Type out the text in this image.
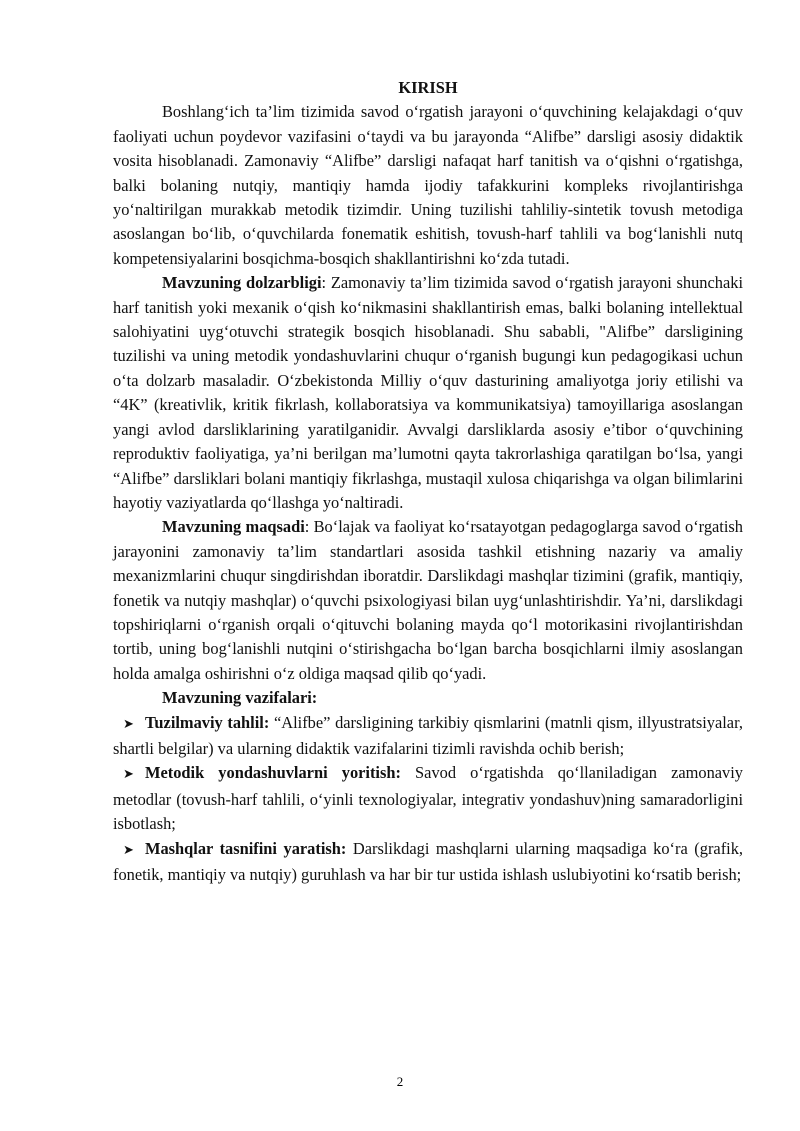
KIRISH

Boshlang‘ich ta’lim tizimida savod o‘rgatish jarayoni o‘quvchining kelajakdagi o‘quv faoliyati uchun poydevor vazifasini o‘taydi va bu jarayonda “Alifbe” darsligi asosiy didaktik vosita hisoblanadi. Zamonaviy “Alifbe” darsligi nafaqat harf tanitish va o‘qishni o‘rgatishga, balki bolaning nutqiy, mantiqiy hamda ijodiy tafakkurini kompleks rivojlantirishga yo‘naltirilgan murakkab metodik tizimdir. Uning tuzilishi tahliliy-sintetik tovush metodiga asoslangan bo‘lib, o‘quvchilarda fonematik eshitish, tovush-harf tahlili va bog‘lanishli nutq kompetensiyalarini bosqichma-bosqich shakllantirishni ko‘zda tutadi.

Mavzuning dolzarbligi: Zamonaviy ta’lim tizimida savod o‘rgatish jarayoni shunchaki harf tanitish yoki mexanik o‘qish ko‘nikmasini shakllantirish emas, balki bolaning intellektual salohiyatini uyg‘otuvchi strategik bosqich hisoblanadi. Shu sababli, "Alifbe” darsligining tuzilishi va uning metodik yondashuvlarini chuqur o‘rganish bugungi kun pedagogikasi uchun o‘ta dolzarb masaladir. O‘zbekistonda Milliy o‘quv dasturining amaliyotga joriy etilishi va “4K” (kreativlik, kritik fikrlash, kollaboratsiya va kommunikatsiya) tamoyillariga asoslangan yangi avlod darsliklarining yaratilganidir. Avvalgi darsliklarda asosiy e’tibor o‘quvchining reproduktiv faoliyatiga, ya’ni berilgan ma’lumotni qayta takrorlashiga qaratilgan bo‘lsa, yangi “Alifbe” darsliklari bolani mantiqiy fikrlashga, mustaqil xulosa chiqarishga va olgan bilimlarini hayotiy vaziyatlarda qo‘llashga yo‘naltiradi.

Mavzuning maqsadi: Bo‘lajak va faoliyat ko‘rsatayotgan pedagoglarga savod o‘rgatish jarayonini zamonaviy ta’lim standartlari asosida tashkil etishning nazariy va amaliy mexanizmlarini chuqur singdirishdan iboratdir. Darslikdagi mashqlar tizimini (grafik, mantiqiy, fonetik va nutqiy mashqlar) o‘quvchi psixologiyasi bilan uyg‘unlashtirishdir. Ya’ni, darslikdagi topshiriqlarni o‘rganish orqali o‘qituvchi bolaning mayda qo‘l motorikasini rivojlantirishdan tortib, uning bog‘lanishli nutqini o‘stirishgacha bo‘lgan barcha bosqichlarni ilmiy asoslangan holda amalga oshirishni o‘z oldiga maqsad qilib qo‘yadi.

Mavzuning vazifalari:

➤ Tuzilmaviy tahlil: “Alifbe” darsligining tarkibiy qismlarini (matnli qism, illyustratsiyalar, shartli belgilar) va ularning didaktik vazifalarini tizimli ravishda ochib berish;

➤ Metodik yondashuvlarni yoritish: Savod o‘rgatishda qo‘llaniladigan zamonaviy metodlar (tovush-harf tahlili, o‘yinli texnologiyalar, integrativ yondashuv)ning samaradorligini isbotlash;

➤ Mashqlar tasnifini yaratish: Darslikdagi mashqlarni ularning maqsadiga ko‘ra (grafik, fonetik, mantiqiy va nutqiy) guruhlash va har bir tur ustida ishlash uslubiyotini ko‘rsatib berish;

2
